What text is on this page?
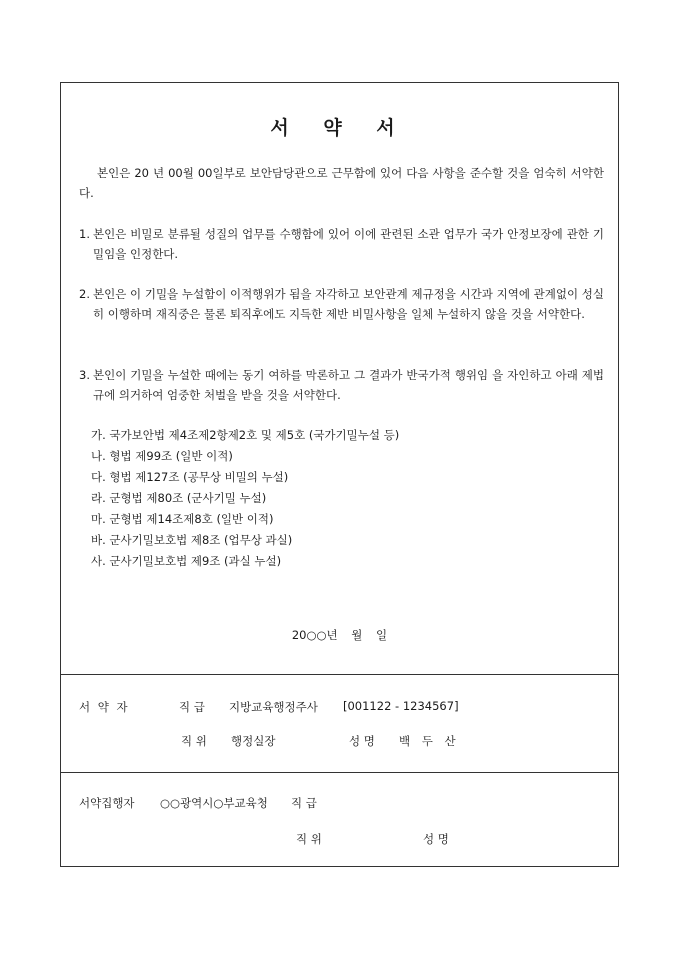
서 약 서
본인은 20 년 00월 00일부로 보안담당관으로 근무함에 있어 다음 사항을 준수할 것을 엄숙히 서약한다.
1. 본인은 비밀로 분류될 성질의 업무를 수행함에 있어 이에 관련된 소관 업무가 국가 안정보장에 관한 기밀임을 인정한다.
2. 본인은 이 기밀을 누설함이 이적행위가 됨을 자각하고 보안관계 제규정을 시간과 지역에 관계없이 성실히 이행하며 재직중은 물론 퇴직후에도 지득한 제반 비밀사항을 일체 누설하지 않을 것을 서약한다.
3. 본인이 기밀을 누설한 때에는 동기 여하를 막론하고 그 결과가 반국가적 행위임 을 자인하고 아래 제법규에 의거하여 엄중한 처벌을 받을 것을 서약한다.
가. 국가보안법 제4조제2항제2호 및 제5호 (국가기밀누설 등)
나. 형법 제99조 (일반 이적)
다. 형법 제127조 (공무상 비밀의 누설)
라. 군형법 제80조 (군사기밀 누설)
마. 군형법 제14조제8호 (일반 이적)
바. 군사기밀보호법 제8조 (업무상 과실)
사. 군사기밀보호법 제9조 (과실 누설)
20○○년 월 일
서 약 자	직 급 지방교육행정주사 [001122 - 1234567]
직 위 행정실장	성 명 백 두 산
서약집행자 ○○광역시○부교육청 직 급
직 위	성 명
